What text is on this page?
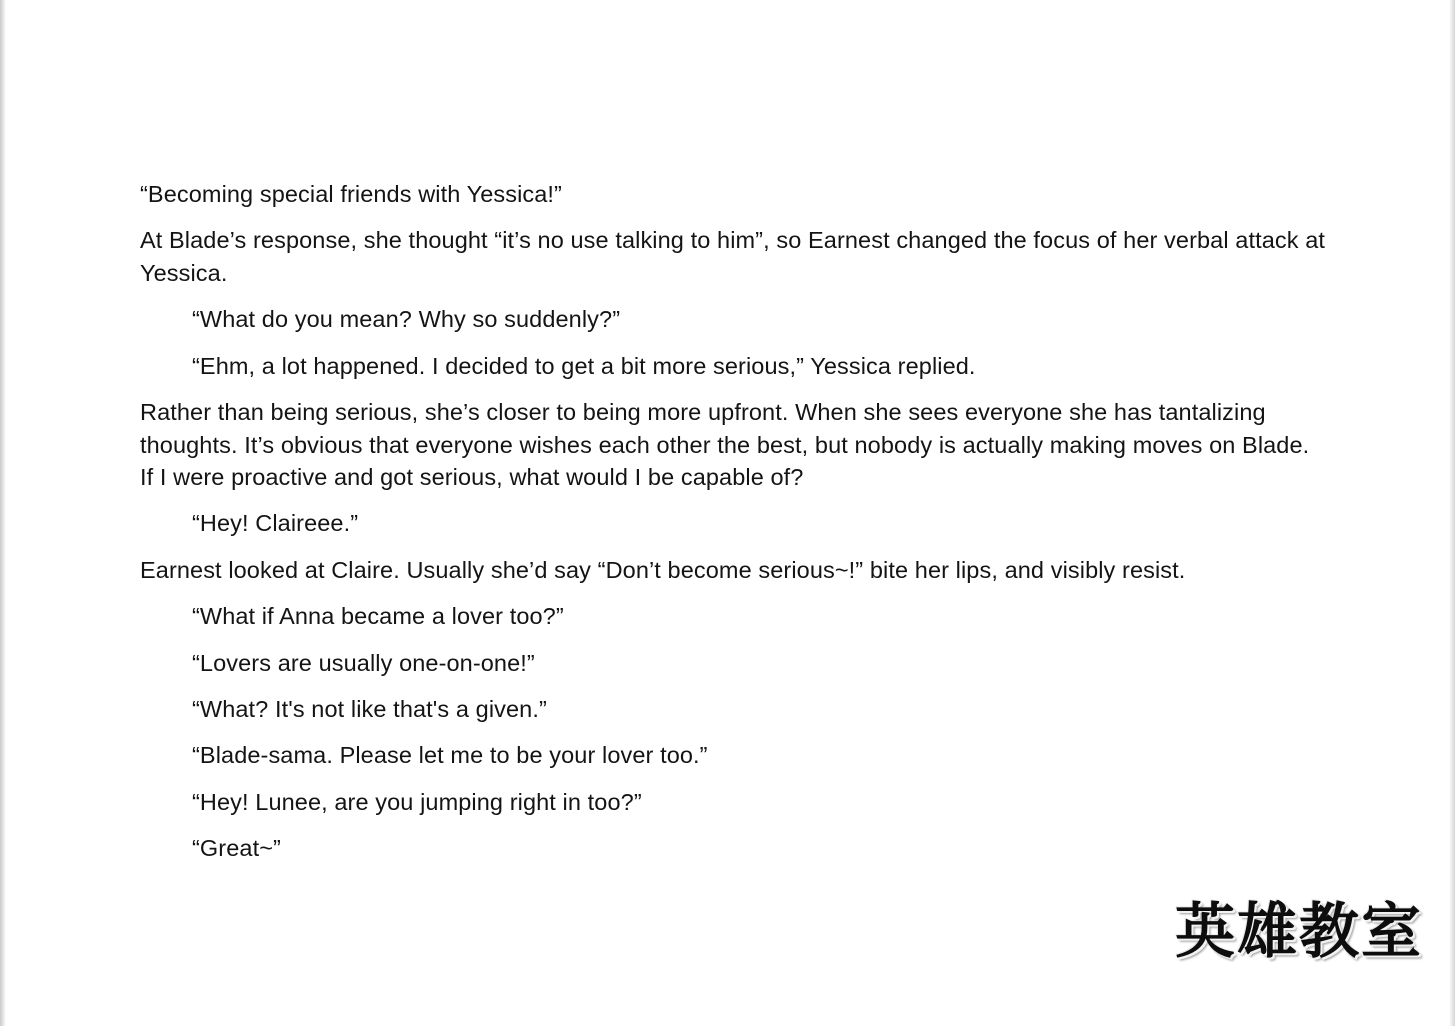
“Becoming special friends with Yessica!”

At Blade’s response, she thought “it’s no use talking to him”, so Earnest changed the focus of her verbal attack at Yessica.

“What do you mean? Why so suddenly?”

“Ehm, a lot happened. I decided to get a bit more serious,” Yessica replied.

Rather than being serious, she’s closer to being more upfront. When she sees everyone she has tantalizing thoughts. It’s obvious that everyone wishes each other the best, but nobody is actually making moves on Blade. If I were proactive and got serious, what would I be capable of?

“Hey! Claireee.”

Earnest looked at Claire. Usually she’d say “Don’t become serious~!” bite her lips, and visibly resist.

“What if Anna became a lover too?”

“Lovers are usually one-on-one!”

“What? It's not like that's a given.”

“Blade-sama. Please let me to be your lover too.”

“Hey! Lunee, are you jumping right in too?”

“Great~”

英雄教室
